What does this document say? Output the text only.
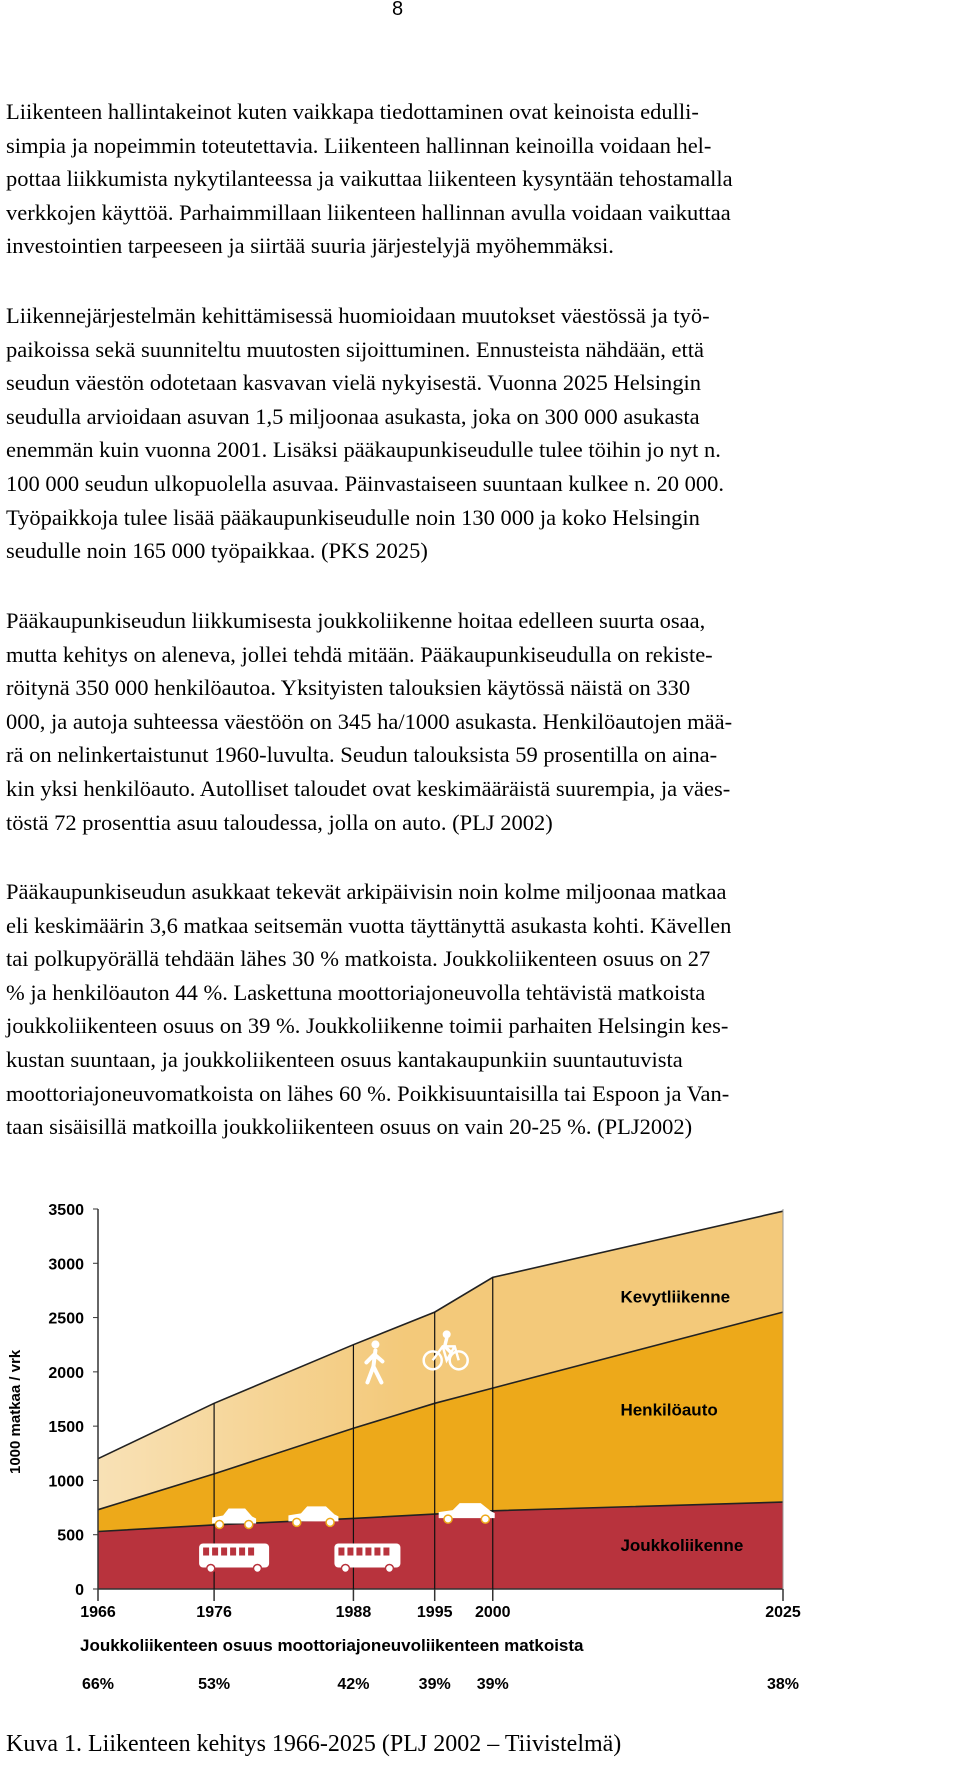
8
Liikenteen hallintakeinot kuten vaikkapa tiedottaminen ovat keinoista edulli-
simpia ja nopeimmin toteutettavia. Liikenteen hallinnan keinoilla voidaan hel-
pottaa liikkumista nykytilanteessa ja vaikuttaa liikenteen kysyntään tehostamalla
verkkojen käyttöä. Parhaimmillaan liikenteen hallinnan avulla voidaan vaikuttaa
investointien tarpeeseen ja siirtää suuria järjestelyjä myöhemmäksi.
Liikennejärjestelmän kehittämisessä huomioidaan muutokset väestössä ja työ-
paikoissa sekä suunniteltu muutosten sijoittuminen. Ennusteista nähdään, että
seudun väestön odotetaan kasvavan vielä nykyisestä. Vuonna 2025 Helsingin
seudulla arvioidaan asuvan 1,5 miljoonaa asukasta, joka on 300 000 asukasta
enemmän kuin vuonna 2001. Lisäksi pääkaupunkiseudulle tulee töihin jo nyt n.
100 000 seudun ulkopuolella asuvaa. Päinvastaiseen suuntaan kulkee n. 20 000.
Työpaikkoja tulee lisää pääkaupunkiseudulle noin 130 000 ja koko Helsingin
seudulle noin 165 000 työpaikkaa. (PKS 2025)
Pääkaupunkiseudun liikkumisesta joukkoliikenne hoitaa edelleen suurta osaa,
mutta kehitys on aleneva, jollei tehdä mitään. Pääkaupunkiseudulla on rekiste-
röitynä 350 000 henkilöautoa. Yksityisten talouksien käytössä näistä on 330
000, ja autoja suhteessa väestöön on 345 ha/1000 asukasta. Henkilöautojen mää-
rä on nelinkertaistunut 1960-luvulta. Seudun talouksista 59 prosentilla on aina-
kin yksi henkilöauto. Autolliset taloudet ovat keskimääräistä suurempia, ja väes-
töstä 72 prosenttia asuu taloudessa, jolla on auto. (PLJ 2002)
Pääkaupunkiseudun asukkaat tekevät arkipäivisin noin kolme miljoonaa matkaa
eli keskimäärin 3,6 matkaa seitsemän vuotta täyttänyttä asukasta kohti. Kävellen
tai polkupyörällä tehdään lähes 30 % matkoista. Joukkoliikenteen osuus on 27
% ja henkilöauton 44 %. Laskettuna moottoriajoneuvolla tehtävistä matkoista
joukkoliikenteen osuus on 39 %. Joukkoliikenne toimii parhaiten Helsingin kes-
kustan suuntaan, ja joukkoliikenteen osuus kantakaupunkiin suuntautuvista
moottoriajoneuvomatkoista on lähes 60 %. Poikkisuuntaisilla tai Espoon ja Van-
taan sisäisillä matkoilla joukkoliikenteen osuus on vain 20-25 %. (PLJ2002)
0
500
1000
1500
2000
2500
3000
3500
1000 matkaa / vrk
1966	1976	1988	1995 2000	2025
Joukkoliikenteen osuus moottoriajoneuvoliikenteen matkoista
66%	53%	42%	39% 39%	38%
Joukkoliikenne
Henkilöauto
Kevytliikenne
Kuva 1. Liikenteen kehitys 1966-2025 (PLJ 2002 – Tiivistelmä)
